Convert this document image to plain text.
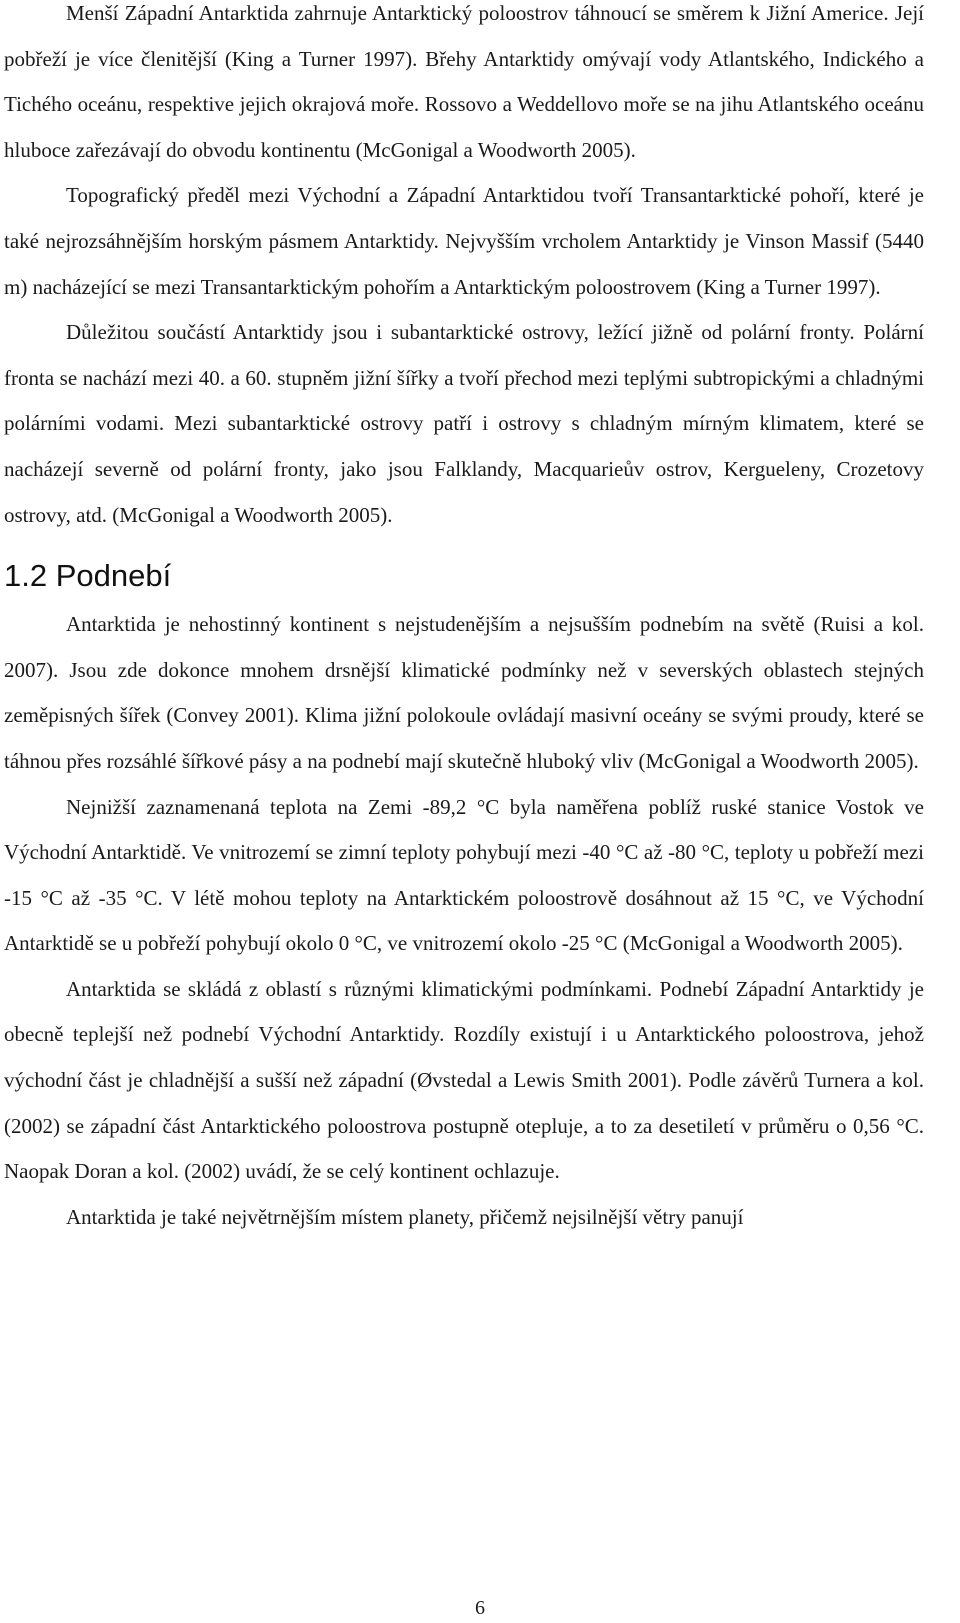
Menší Západní Antarktida zahrnuje Antarktický poloostrov táhnoucí se směrem k Jižní Americe. Její pobřeží je více členitější (King a Turner 1997). Břehy Antarktidy omývají vody Atlantského, Indického a Tichého oceánu, respektive jejich okrajová moře. Rossovo a Weddellovo moře se na jihu Atlantského oceánu hluboce zařezávají do obvodu kontinentu (McGonigal a Woodworth 2005).

Topografický předěl mezi Východní a Západní Antarktidou tvoří Transantarktické pohoří, které je také nejrozsáhnějším horským pásmem Antarktidy. Nejvyšším vrcholem Antarktidy je Vinson Massif (5440 m) nacházející se mezi Transantarktickým pohořím a Antarktickým poloostrovem (King a Turner 1997).

Důležitou součástí Antarktidy jsou i subantarktické ostrovy, ležící jižně od polární fronty. Polární fronta se nachází mezi 40. a 60. stupněm jižní šířky a tvoří přechod mezi teplými subtropickými a chladnými polárními vodami. Mezi subantarktické ostrovy patří i ostrovy s chladným mírným klimatem, které se nacházejí severně od polární fronty, jako jsou Falklandy, Macquarieův ostrov, Kergueleny, Crozetovy ostrovy, atd. (McGonigal a Woodworth 2005).

1.2 Podnebí

Antarktida je nehostinný kontinent s nejstudenějším a nejsušším podnebím na světě (Ruisi a kol. 2007). Jsou zde dokonce mnohem drsnější klimatické podmínky než v severských oblastech stejných zeměpisných šířek (Convey 2001). Klima jižní polokoule ovládají masivní oceány se svými proudy, které se táhnou přes rozsáhlé šířkové pásy a na podnebí mají skutečně hluboký vliv (McGonigal a Woodworth 2005).

Nejnižší zaznamenaná teplota na Zemi -89,2 °C byla naměřena poblíž ruské stanice Vostok ve Východní Antarktidě. Ve vnitrozemí se zimní teploty pohybují mezi -40 °C až -80 °C, teploty u pobřeží mezi -15 °C až -35 °C. V létě mohou teploty na Antarktickém poloostrově dosáhnout až 15 °C, ve Východní Antarktidě se u pobřeží pohybují okolo 0 °C, ve vnitrozemí okolo -25 °C (McGonigal a Woodworth 2005).

Antarktida se skládá z oblastí s různými klimatickými podmínkami. Podnebí Západní Antarktidy je obecně teplejší než podnebí Východní Antarktidy. Rozdíly existují i u Antarktického poloostrova, jehož východní část je chladnější a sušší než západní (Øvstedal a Lewis Smith 2001). Podle závěrů Turnera a kol. (2002) se západní část Antarktického poloostrova postupně otepluje, a to za desetiletí v průměru o 0,56 °C. Naopak Doran a kol. (2002) uvádí, že se celý kontinent ochlazuje.

Antarktida je také největrnějším místem planety, přičemž nejsilnější větry panují

6
